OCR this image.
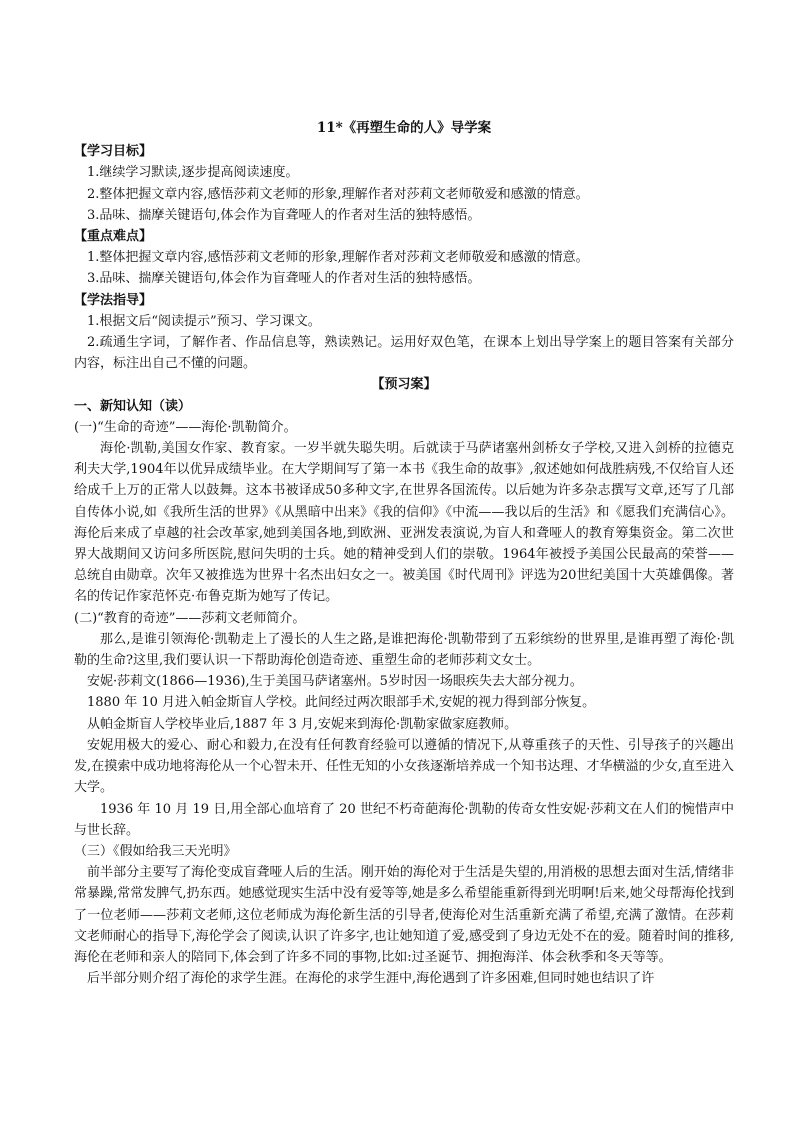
11*《再塑生命的人》导学案

【学习目标】

1.继续学习默读,逐步提高阅读速度。

2.整体把握文章内容,感悟莎莉文老师的形象,理解作者对莎莉文老师敬爱和感激的情意。

3.品味、揣摩关键语句,体会作为盲聋哑人的作者对生活的独特感悟。

【重点难点】

1.整体把握文章内容,感悟莎莉文老师的形象,理解作者对莎莉文老师敬爱和感激的情意。

3.品味、揣摩关键语句,体会作为盲聋哑人的作者对生活的独特感悟。

【学法指导】

1.根据文后“阅读提示”预习、学习课文。

2.疏通生字词，了解作者、作品信息等，熟读熟记。运用好双色笔，在课本上划出导学案上的题目答案有关部分内容，标注出自己不懂的问题。

【预习案】

一、新知认知（读）

(一)“生命的奇迹”——海伦·凯勒简介。

海伦·凯勒,美国女作家、教育家。一岁半就失聪失明。后就读于马萨诸塞州剑桥女子学校,又进入剑桥的拉德克利夫大学,1904年以优异成绩毕业。在大学期间写了第一本书《我生命的故事》,叙述她如何战胜病残,不仅给盲人还给成千上万的正常人以鼓舞。这本书被译成50多种文字,在世界各国流传。以后她为许多杂志撰写文章,还写了几部自传体小说,如《我所生活的世界》《从黑暗中出来》《我的信仰》《中流——我以后的生活》和《愿我们充满信心》。海伦后来成了卓越的社会改革家,她到美国各地,到欧洲、亚洲发表演说,为盲人和聋哑人的教育筹集资金。第二次世界大战期间又访问多所医院,慰问失明的士兵。她的精神受到人们的崇敬。1964年被授予美国公民最高的荣誉——总统自由勋章。次年又被推选为世界十名杰出妇女之一。被美国《时代周刊》评选为20世纪美国十大英雄偶像。著名的传记作家范怀克·布鲁克斯为她写了传记。

(二)“教育的奇迹”——莎莉文老师简介。

那么,是谁引领海伦·凯勒走上了漫长的人生之路,是谁把海伦·凯勒带到了五彩缤纷的世界里,是谁再塑了海伦·凯勒的生命?这里,我们要认识一下帮助海伦创造奇迹、重塑生命的老师莎莉文女士。

安妮·莎莉文(1866—1936),生于美国马萨诸塞州。5岁时因一场眼疾失去大部分视力。

1880 年 10 月进入帕金斯盲人学校。此间经过两次眼部手术,安妮的视力得到部分恢复。

从帕金斯盲人学校毕业后,1887 年 3 月,安妮来到海伦·凯勒家做家庭教师。

安妮用极大的爱心、耐心和毅力,在没有任何教育经验可以遵循的情况下,从尊重孩子的天性、引导孩子的兴趣出发,在摸索中成功地将海伦从一个心智未开、任性无知的小女孩逐渐培养成一个知书达理、才华横溢的少女,直至进入大学。

1936 年 10 月 19 日,用全部心血培育了 20 世纪不朽奇葩海伦·凯勒的传奇女性安妮·莎莉文在人们的惋惜声中与世长辞。

（三）《假如给我三天光明》

前半部分主要写了海伦变成盲聋哑人后的生活。刚开始的海伦对于生活是失望的,用消极的思想去面对生活,情绪非常暴躁,常常发脾气,扔东西。她感觉现实生活中没有爱等等,她是多么希望能重新得到光明啊!后来,她父母帮海伦找到了一位老师——莎莉文老师,这位老师成为海伦新生活的引导者,使海伦对生活重新充满了希望,充满了激情。在莎莉文老师耐心的指导下,海伦学会了阅读,认识了许多字,也让她知道了爱,感受到了身边无处不在的爱。随着时间的推移,海伦在老师和亲人的陪同下,体会到了许多不同的事物,比如:过圣诞节、拥抱海洋、体会秋季和冬天等等。

后半部分则介绍了海伦的求学生涯。在海伦的求学生涯中,海伦遇到了许多困难,但同时她也结识了许
